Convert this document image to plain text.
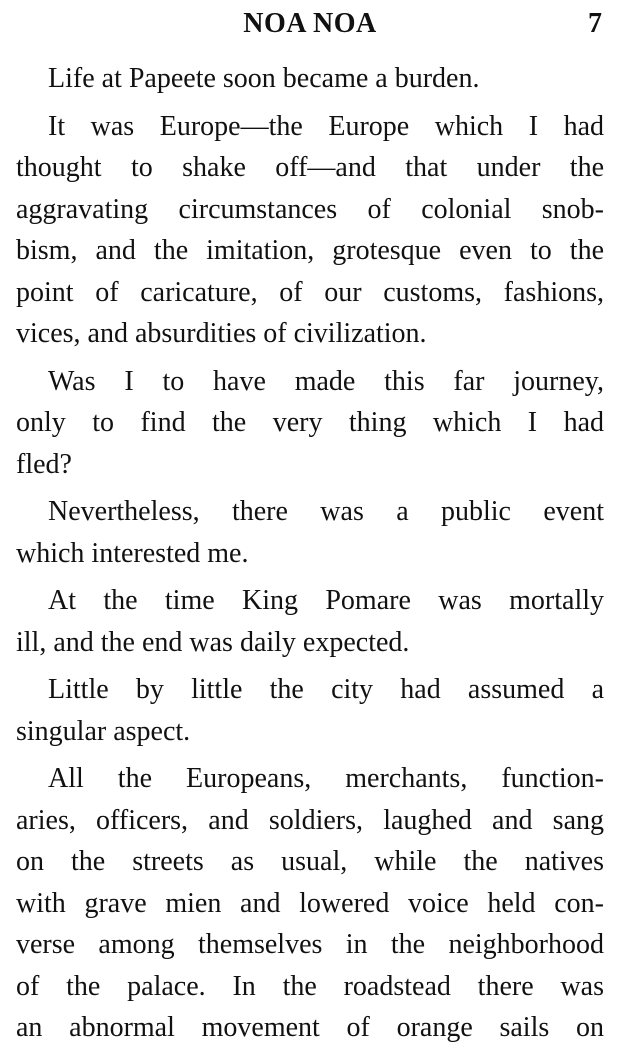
NOA NOA	7
Life at Papeete soon became a burden.
It was Europe—the Europe which I had
thought to shake off—and that under the
aggravating circumstances of colonial snob-
bism, and the imitation, grotesque even to the
point of caricature, of our customs, fashions,
vices, and absurdities of civilization.
Was I to have made this far journey,
only to find the very thing which I had
fled?
Nevertheless, there was a public event
which interested me.
At the time King Pomare was mortally
ill, and the end was daily expected.
Little by little the city had assumed a
singular aspect.
All the Europeans, merchants, function-
aries, officers, and soldiers, laughed and sang
on the streets as usual, while the natives
with grave mien and lowered voice held con-
verse among themselves in the neighborhood
of the palace. In the roadstead there was
an abnormal movement of orange sails on
